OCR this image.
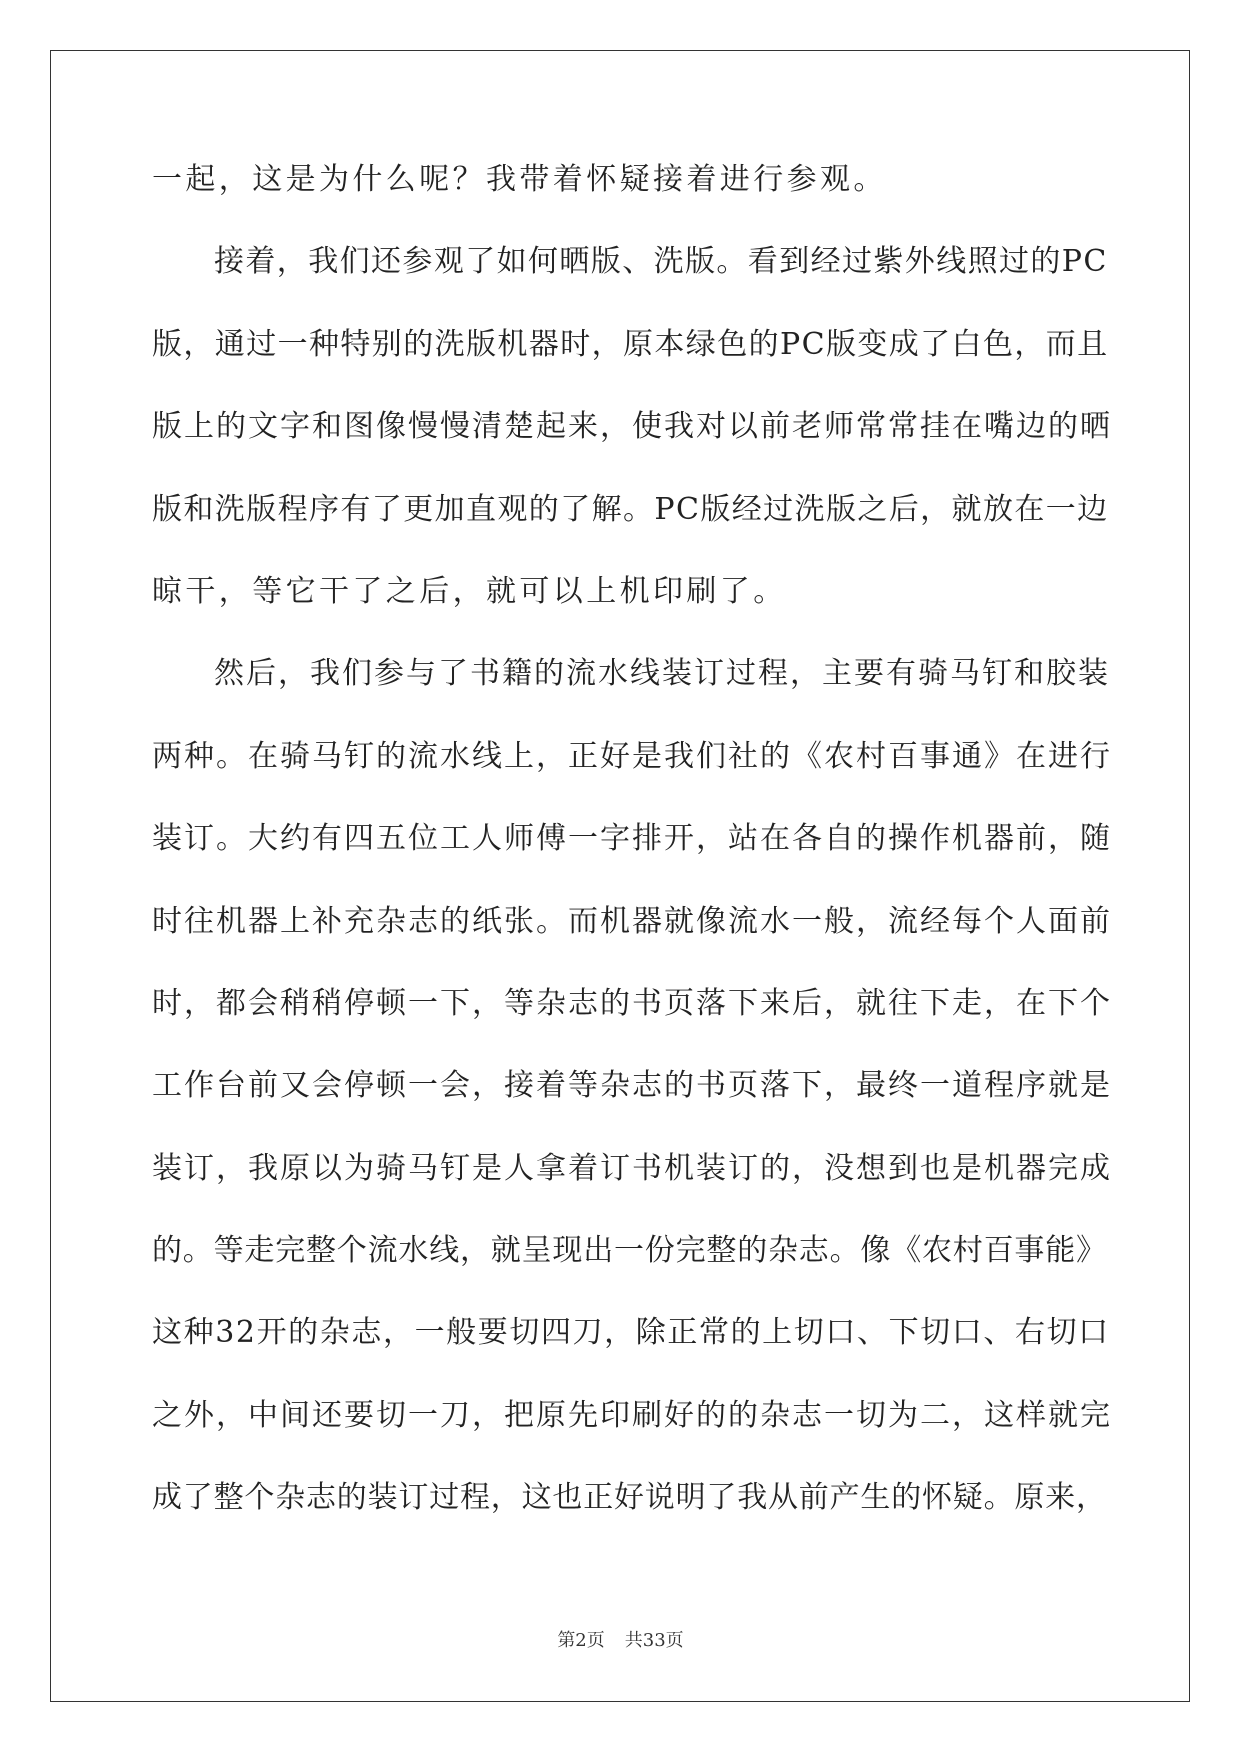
一起，这是为什么呢？我带着怀疑接着进行参观。
接着，我们还参观了如何晒版、洗版。看到经过紫外线照过的PC
版，通过一种特别的洗版机器时，原本绿色的PC版变成了白色，而且
版上的文字和图像慢慢清楚起来，使我对以前老师常常挂在嘴边的晒
版和洗版程序有了更加直观的了解。PC版经过洗版之后，就放在一边
晾干，等它干了之后，就可以上机印刷了。
然后，我们参与了书籍的流水线装订过程，主要有骑马钉和胶装
两种。在骑马钉的流水线上，正好是我们社的《农村百事通》在进行
装订。大约有四五位工人师傅一字排开，站在各自的操作机器前，随
时往机器上补充杂志的纸张。而机器就像流水一般，流经每个人面前
时，都会稍稍停顿一下，等杂志的书页落下来后，就往下走，在下个
工作台前又会停顿一会，接着等杂志的书页落下，最终一道程序就是
装订，我原以为骑马钉是人拿着订书机装订的，没想到也是机器完成
的。等走完整个流水线，就呈现出一份完整的杂志。像《农村百事能》
这种32开的杂志，一般要切四刀，除正常的上切口、下切口、右切口
之外，中间还要切一刀，把原先印刷好的的杂志一切为二，这样就完
成了整个杂志的装订过程，这也正好说明了我从前产生的怀疑。原来，
第2页 共33页
